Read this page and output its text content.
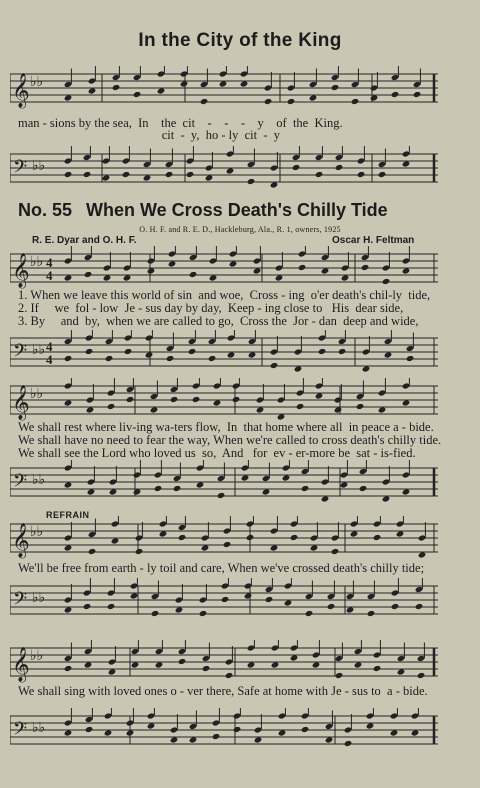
In the City of the King
𝄞 ♭♭
man - sions by the sea,  In    the  cit    -    -    -    y    of  the  King.
cit  -  y,  ho - ly  cit  -  y
𝄢 ♭♭
No. 55 When We Cross Death's Chilly Tide
O. H. F. and R. E. D., Hackleburg, Ala., R. 1, owners, 1925
R. E. Dyar and O. H. F.	Oscar H. Feltman
𝄞 ♭♭ 4
4
1. When we leave this world of sin  and woe,  Cross - ing  o'er death's chil-ly  tide,
2. If     we  fol - low  Je - sus day by day,  Keep - ing close to   His  dear side,
3. By     and  by,  when we are called to go,  Cross the  Jor - dan  deep and wide,
𝄢 ♭♭ 4
4
𝄞 ♭♭
We shall rest where liv-ing wa-ters flow,  In  that home where all  in peace a - bide.
We shall have no need to fear the way, When we're called to cross death's chilly tide.
We shall see the Lord who loved us  so,  And   for  ev - er-more be  sat - is-fied.
𝄢 ♭♭
REFRAIN
𝄞 ♭♭
We'll be free from earth - ly toil and care, When we've crossed death's chilly tide;
𝄢 ♭♭
𝄞 ♭♭
We shall sing with loved ones o - ver there, Safe at home with Je - sus to  a - bide.
𝄢 ♭♭
